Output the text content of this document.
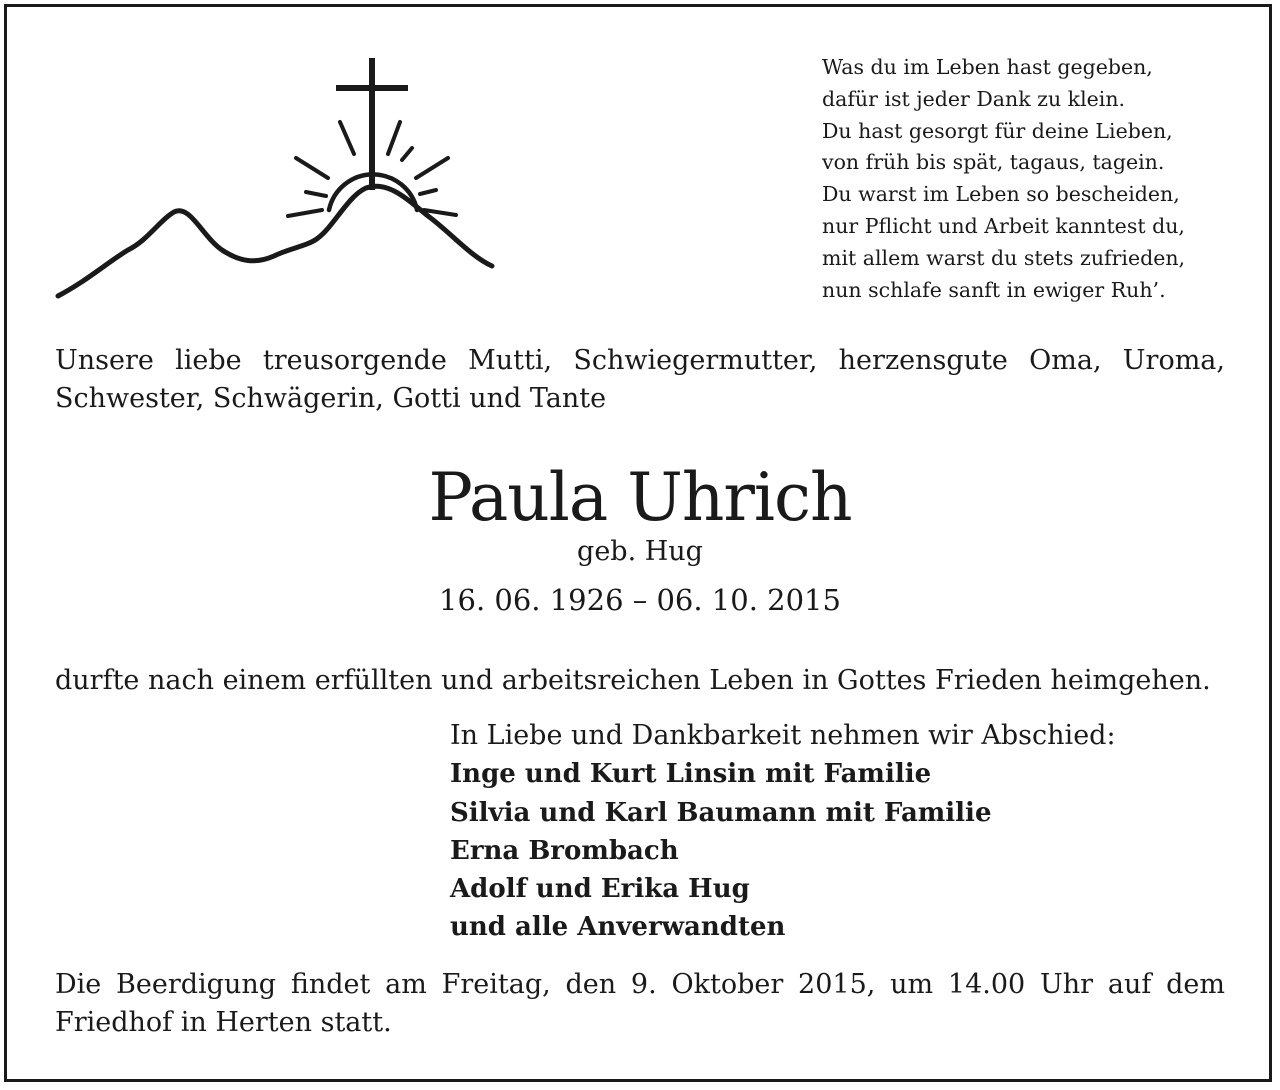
Was du im Leben hast gegeben,
dafür ist jeder Dank zu klein.
Du hast gesorgt für deine Lieben,
von früh bis spät, tagaus, tagein.
Du warst im Leben so bescheiden,
nur Pflicht und Arbeit kanntest du,
mit allem warst du stets zufrieden,
nun schlafe sanft in ewiger Ruh’.

Unsere liebe treusorgende Mutti, Schwiegermutter, herzensgute Oma, Uroma, Schwester, Schwägerin, Gotti und Tante

Paula Uhrich
geb. Hug
16. 06. 1926 – 06. 10. 2015

durfte nach einem erfüllten und arbeitsreichen Leben in Gottes Frieden heimgehen.

In Liebe und Dankbarkeit nehmen wir Abschied:
Inge und Kurt Linsin mit Familie
Silvia und Karl Baumann mit Familie
Erna Brombach
Adolf und Erika Hug
und alle Anverwandten

Die Beerdigung findet am Freitag, den 9. Oktober 2015, um 14.00 Uhr auf dem Friedhof in Herten statt.
